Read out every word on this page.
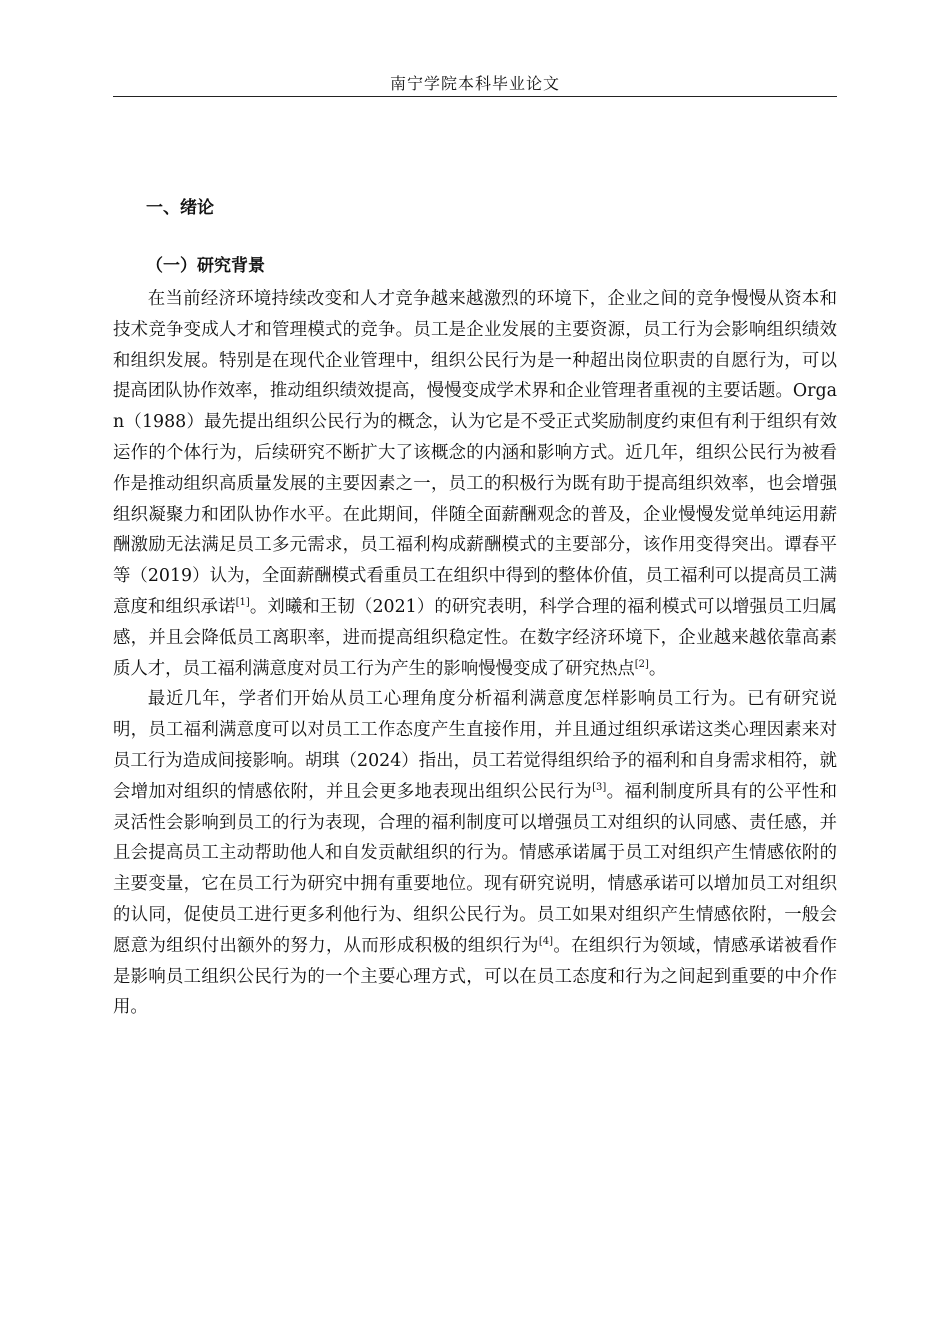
南宁学院本科毕业论文
一、绪论
（一）研究背景

在当前经济环境持续改变和人才竞争越来越激烈的环境下，企业之间的竞争慢慢从资本和技术竞争变成人才和管理模式的竞争。员工是企业发展的主要资源，员工行为会影响组织绩效和组织发展。特别是在现代企业管理中，组织公民行为是一种超出岗位职责的自愿行为，可以提高团队协作效率，推动组织绩效提高，慢慢变成学术界和企业管理者重视的主要话题。Organ（1988）最先提出组织公民行为的概念，认为它是不受正式奖励制度约束但有利于组织有效运作的个体行为，后续研究不断扩大了该概念的内涵和影响方式。近几年，组织公民行为被看作是推动组织高质量发展的主要因素之一，员工的积极行为既有助于提高组织效率，也会增强组织凝聚力和团队协作水平。在此期间，伴随全面薪酬观念的普及，企业慢慢发觉单纯运用薪酬激励无法满足员工多元需求，员工福利构成薪酬模式的主要部分，该作用变得突出。谭春平等（2019）认为，全面薪酬模式看重员工在组织中得到的整体价值，员工福利可以提高员工满意度和组织承诺[1]。刘曦和王韧（2021）的研究表明，科学合理的福利模式可以增强员工归属感，并且会降低员工离职率，进而提高组织稳定性。在数字经济环境下，企业越来越依靠高素质人才，员工福利满意度对员工行为产生的影响慢慢变成了研究热点[2]。

最近几年，学者们开始从员工心理角度分析福利满意度怎样影响员工行为。已有研究说明，员工福利满意度可以对员工工作态度产生直接作用，并且通过组织承诺这类心理因素来对员工行为造成间接影响。胡琪（2024）指出，员工若觉得组织给予的福利和自身需求相符，就会增加对组织的情感依附，并且会更多地表现出组织公民行为[3]。福利制度所具有的公平性和灵活性会影响到员工的行为表现，合理的福利制度可以增强员工对组织的认同感、责任感，并且会提高员工主动帮助他人和自发贡献组织的行为。情感承诺属于员工对组织产生情感依附的主要变量，它在员工行为研究中拥有重要地位。现有研究说明，情感承诺可以增加员工对组织的认同，促使员工进行更多利他行为、组织公民行为。员工如果对组织产生情感依附，一般会愿意为组织付出额外的努力，从而形成积极的组织行为[4]。在组织行为领域，情感承诺被看作是影响员工组织公民行为的一个主要心理方式，可以在员工态度和行为之间起到重要的中介作用。
